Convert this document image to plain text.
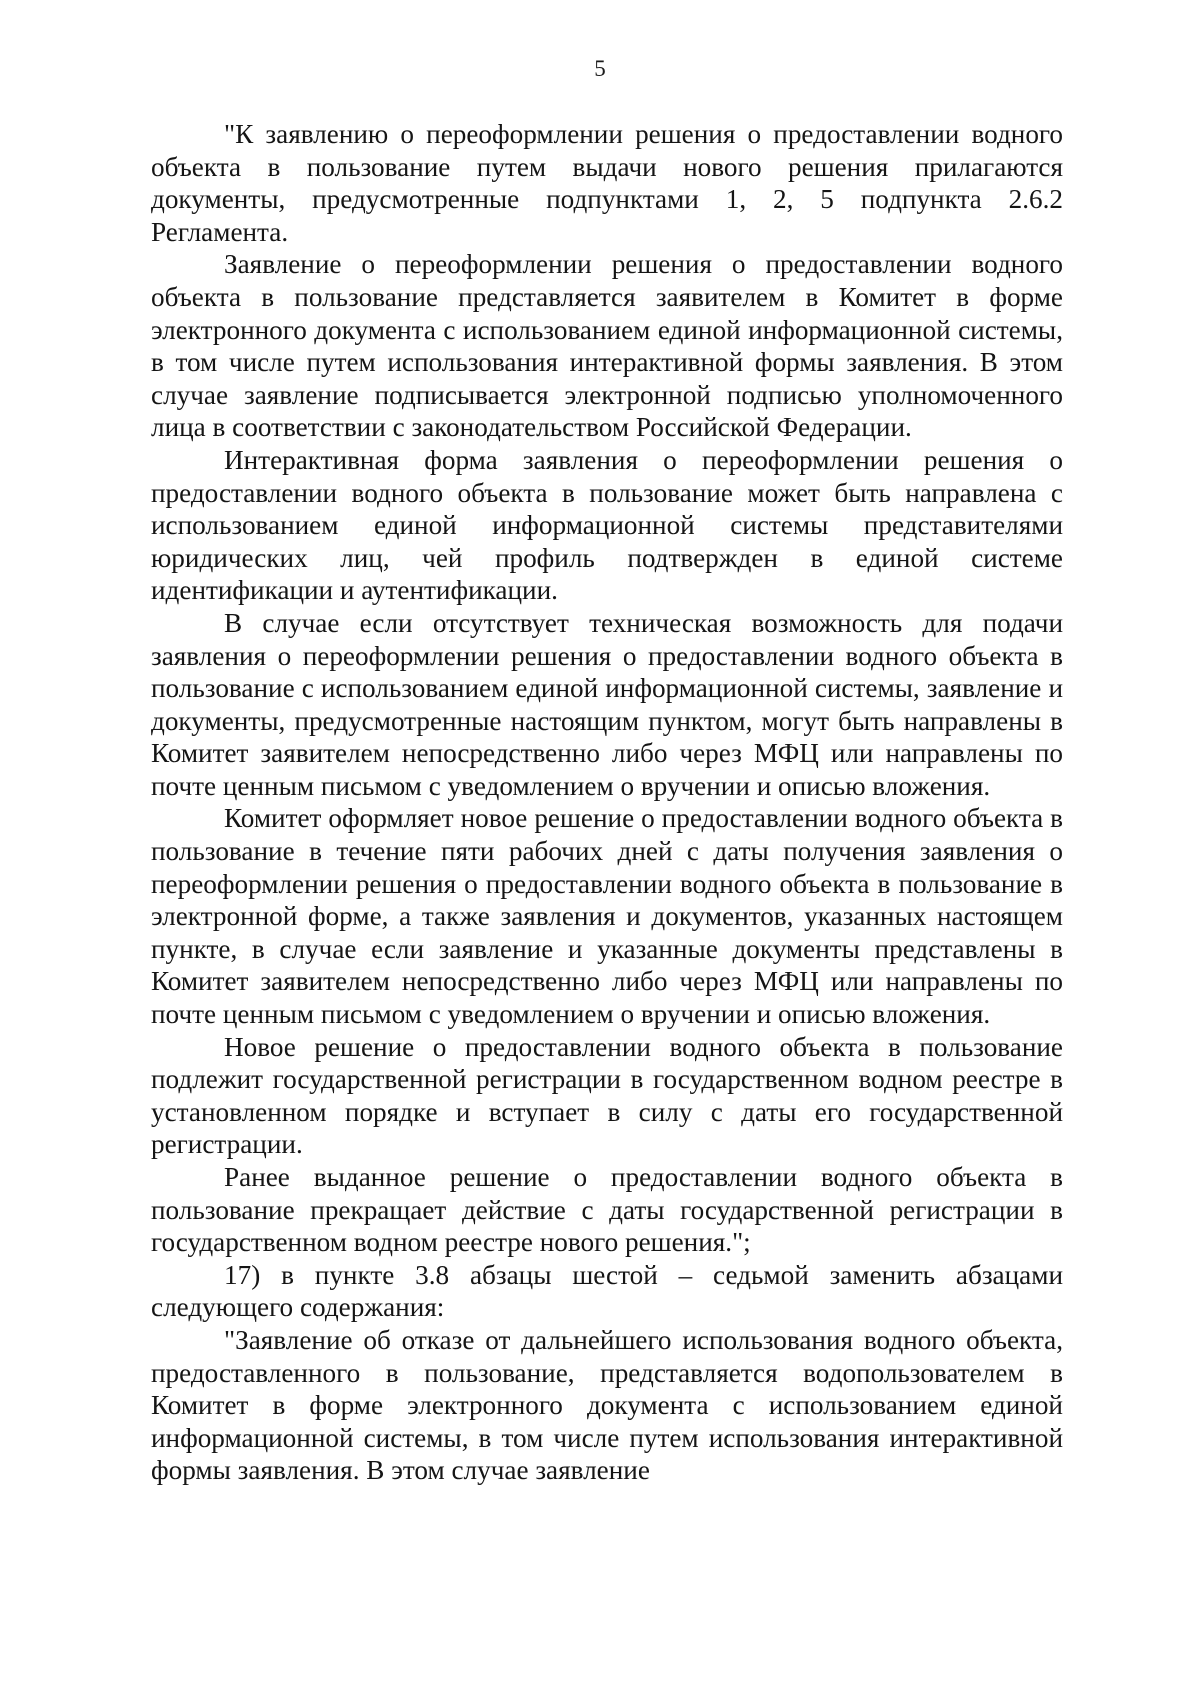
5

"К заявлению о переоформлении решения о предоставлении водного объекта в пользование путем выдачи нового решения прилагаются документы, предусмотренные подпунктами 1, 2, 5 подпункта 2.6.2 Регламента.

Заявление о переоформлении решения о предоставлении водного объекта в пользование представляется заявителем в Комитет в форме электронного документа с использованием единой информационной системы, в том числе путем использования интерактивной формы заявления. В этом случае заявление подписывается электронной подписью уполномоченного лица в соответствии с законодательством Российской Федерации.

Интерактивная форма заявления о переоформлении решения о предоставлении водного объекта в пользование может быть направлена с использованием единой информационной системы представителями юридических лиц, чей профиль подтвержден в единой системе идентификации и аутентификации.

В случае если отсутствует техническая возможность для подачи заявления о переоформлении решения о предоставлении водного объекта в пользование с использованием единой информационной системы, заявление и документы, предусмотренные настоящим пунктом, могут быть направлены в Комитет заявителем непосредственно либо через МФЦ или направлены по почте ценным письмом с уведомлением о вручении и описью вложения.

Комитет оформляет новое решение о предоставлении водного объекта в пользование в течение пяти рабочих дней с даты получения заявления о переоформлении решения о предоставлении водного объекта в пользование в электронной форме, а также заявления и документов, указанных настоящем пункте, в случае если заявление и указанные документы представлены в Комитет заявителем непосредственно либо через МФЦ или направлены по почте ценным письмом с уведомлением о вручении и описью вложения.

Новое решение о предоставлении водного объекта в пользование подлежит государственной регистрации в государственном водном реестре в установленном порядке и вступает в силу с даты его государственной регистрации.

Ранее выданное решение о предоставлении водного объекта в пользование прекращает действие с даты государственной регистрации в государственном водном реестре нового решения.";

17) в пункте 3.8 абзацы шестой – седьмой заменить абзацами следующего содержания:

"Заявление об отказе от дальнейшего использования водного объекта, предоставленного в пользование, представляется водопользователем в Комитет в форме электронного документа с использованием единой информационной системы, в том числе путем использования интерактивной формы заявления. В этом случае заявление
